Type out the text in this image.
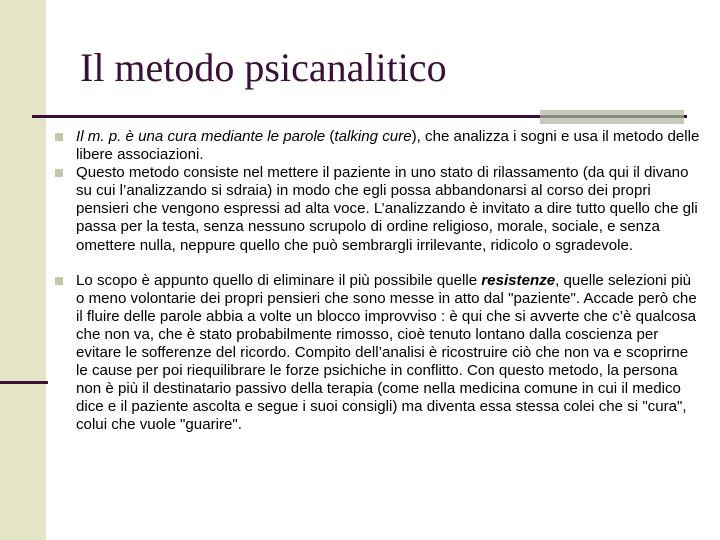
Il metodo psicanalitico

Il m. p. è una cura mediante le parole (talking cure), che analizza i sogni e usa il metodo delle libere associazioni.

Questo metodo consiste nel mettere il paziente in uno stato di rilassamento (da qui il divano su cui l’analizzando si sdraia) in modo che egli possa abbandonarsi al corso dei propri pensieri che vengono espressi ad alta voce. L’analizzando è invitato a dire tutto quello che gli passa per la testa, senza nessuno scrupolo di ordine religioso, morale, sociale, e senza omettere nulla, neppure quello che può sembrargli irrilevante, ridicolo o sgradevole.

Lo scopo è appunto quello di eliminare il più possibile quelle resistenze, quelle selezioni più o meno volontarie dei propri pensieri che sono messe in atto dal "paziente". Accade però che il fluire delle parole abbia a volte un blocco improvviso : è qui che si avverte che c’è qualcosa che non va, che è stato probabilmente rimosso, cioè tenuto lontano dalla coscienza per evitare le sofferenze del ricordo. Compito dell’analisi è ricostruire ciò che non va e scoprirne le cause per poi riequilibrare le forze psichiche in conflitto. Con questo metodo, la persona non è più il destinatario passivo della terapia (come nella medicina comune in cui il medico dice e il paziente ascolta e segue i suoi consigli) ma diventa essa stessa colei che si "cura", colui che vuole "guarire".
